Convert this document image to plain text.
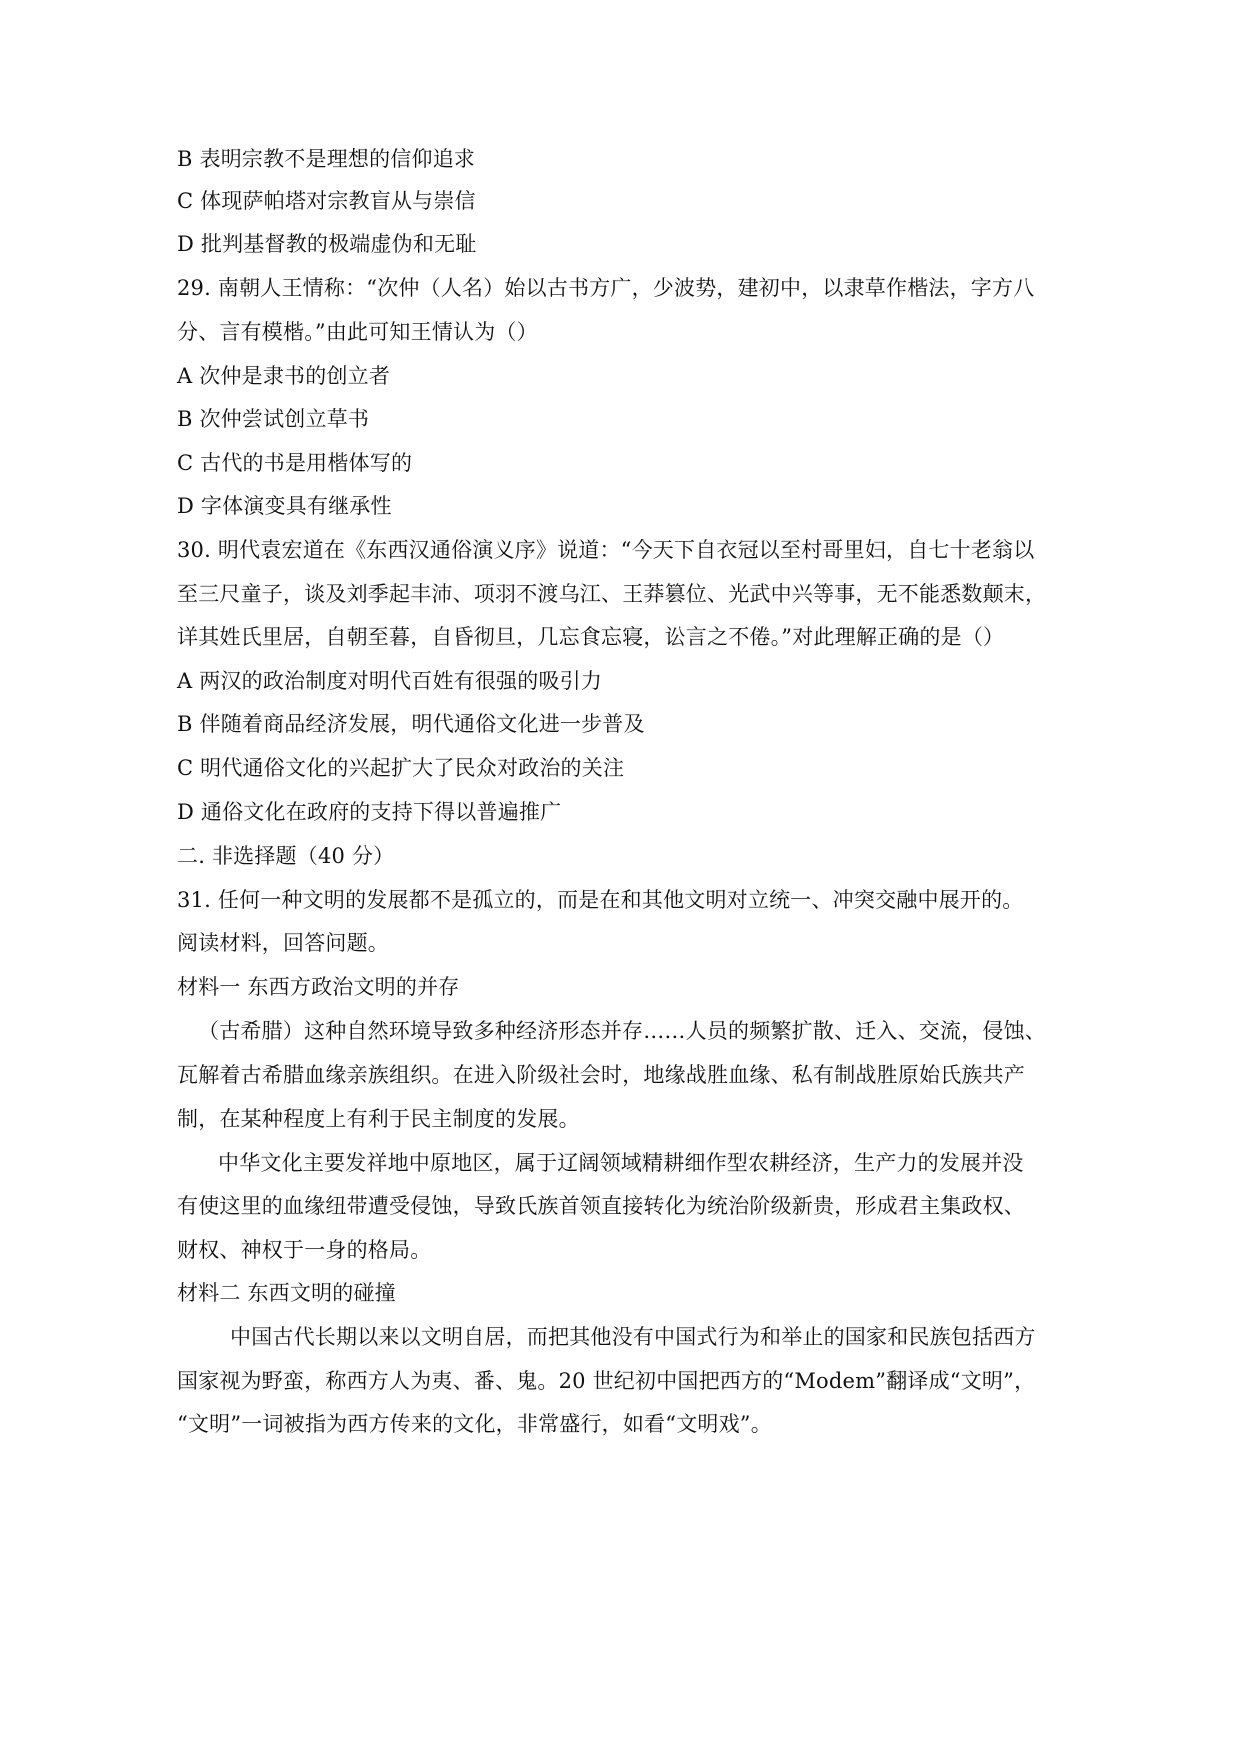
B 表明宗教不是理想的信仰追求
C 体现萨帕塔对宗教盲从与崇信
D 批判基督教的极端虚伪和无耻
29. 南朝人王情称：“次仲（人名）始以古书方广，少波势，建初中，以隶草作楷法，字方八
分、言有模楷。”由此可知王情认为（）
A 次仲是隶书的创立者
B 次仲尝试创立草书
C 古代的书是用楷体写的
D 字体演变具有继承性
30. 明代袁宏道在《东西汉通俗演义序》说道：“今天下自衣冠以至村哥里妇，自七十老翁以
至三尺童子，谈及刘季起丰沛、项羽不渡乌江、王莽篡位、光武中兴等事，无不能悉数颠末，
详其姓氏里居，自朝至暮，自昏彻旦，几忘食忘寝，讼言之不倦。”对此理解正确的是（）
A 两汉的政治制度对明代百姓有很强的吸引力
B 伴随着商品经济发展，明代通俗文化进一步普及
C 明代通俗文化的兴起扩大了民众对政治的关注
D 通俗文化在政府的支持下得以普遍推广
二. 非选择题（40 分）
31. 任何一种文明的发展都不是孤立的，而是在和其他文明对立统一、冲突交融中展开的。
阅读材料，回答问题。
材料一 东西方政治文明的并存
（古希腊）这种自然环境导致多种经济形态并存……人员的频繁扩散、迁入、交流，侵蚀、
瓦解着古希腊血缘亲族组织。在进入阶级社会时，地缘战胜血缘、私有制战胜原始氏族共产
制，在某种程度上有利于民主制度的发展。
中华文化主要发祥地中原地区，属于辽阔领域精耕细作型农耕经济，生产力的发展并没
有使这里的血缘纽带遭受侵蚀，导致氏族首领直接转化为统治阶级新贵，形成君主集政权、
财权、神权于一身的格局。
材料二 东西文明的碰撞
中国古代长期以来以文明自居，而把其他没有中国式行为和举止的国家和民族包括西方
国家视为野蛮，称西方人为夷、番、鬼。20 世纪初中国把西方的“Modem”翻译成“文明”，
“文明”一词被指为西方传来的文化，非常盛行，如看“文明戏”。
